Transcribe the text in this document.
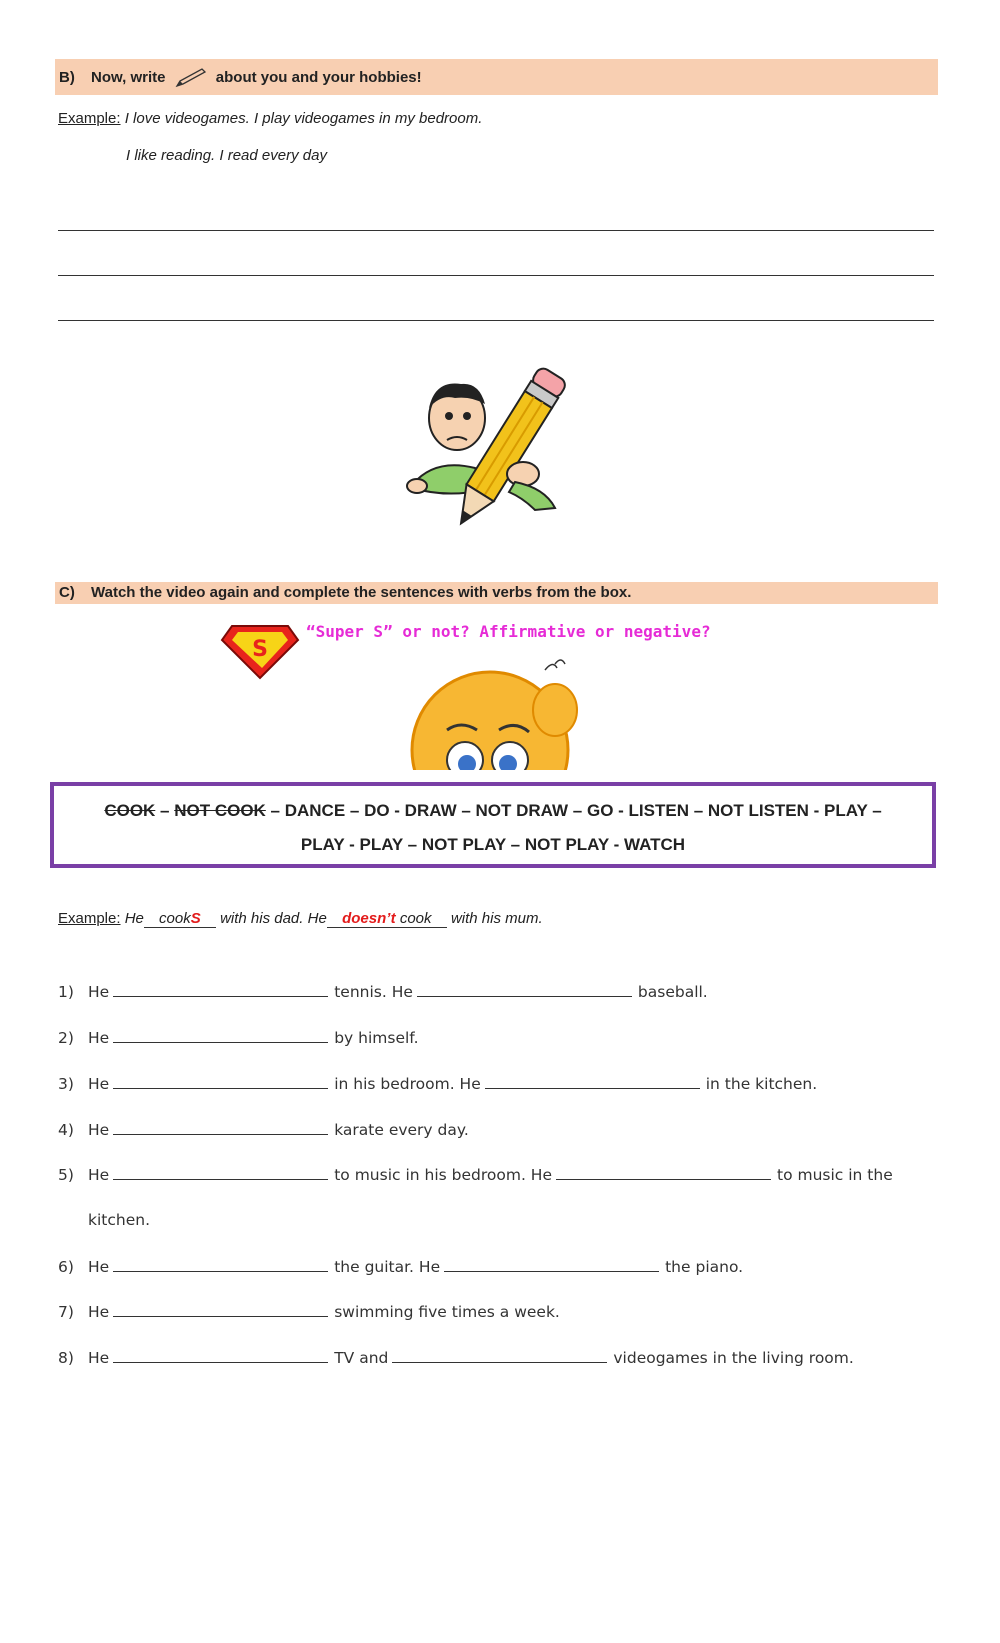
B) Now, write	about you and your hobbies!
Example: I love videogames. I play videogames in my bedroom.
I like reading. I read every day
C) Watch the video again and complete the sentences with verbs from the box.
S
“Super S” or not? Affirmative or negative?
COOK – NOT COOK – DANCE – DO - DRAW – NOT DRAW – GO - LISTEN – NOT LISTEN - PLAY –
PLAY - PLAY – NOT PLAY – NOT PLAY - WATCH
Example: He cookS with his dad. He doesn’t cook with his mum.
1) He	tennis. He	baseball.
2) He	by himself.
3) He	in his bedroom. He	in the kitchen.
4) He	karate every day.
5) He	to music in his bedroom. He	to music in the
kitchen.
6) He	the guitar. He	the piano.
7) He	swimming five times a week.
8) He	TV and	videogames in the living room.
